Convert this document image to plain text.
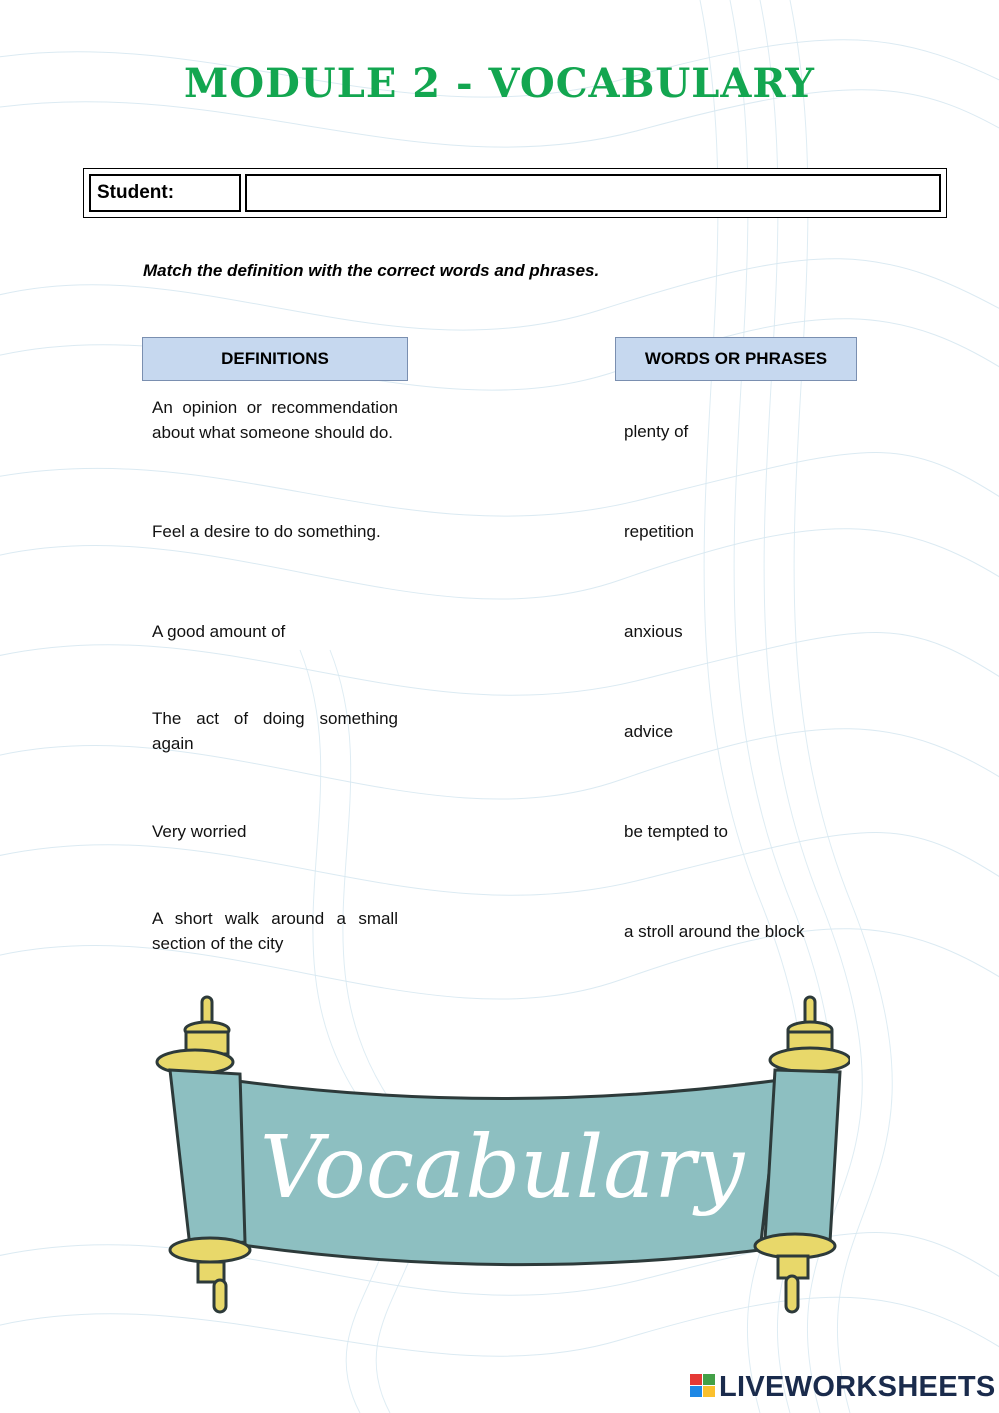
MODULE 2 - VOCABULARY
Student:
Match the definition with the correct words and phrases.
DEFINITIONS	WORDS OR PHRASES
An opinion or recommendation about what someone should do.
Feel a desire to do something.
A good amount of
The act of doing something again
Very worried
A short walk around a small section of the city
plenty of
repetition
anxious
advice
be tempted to
a stroll around the block
Vocabulary
LIVEWORKSHEETS
